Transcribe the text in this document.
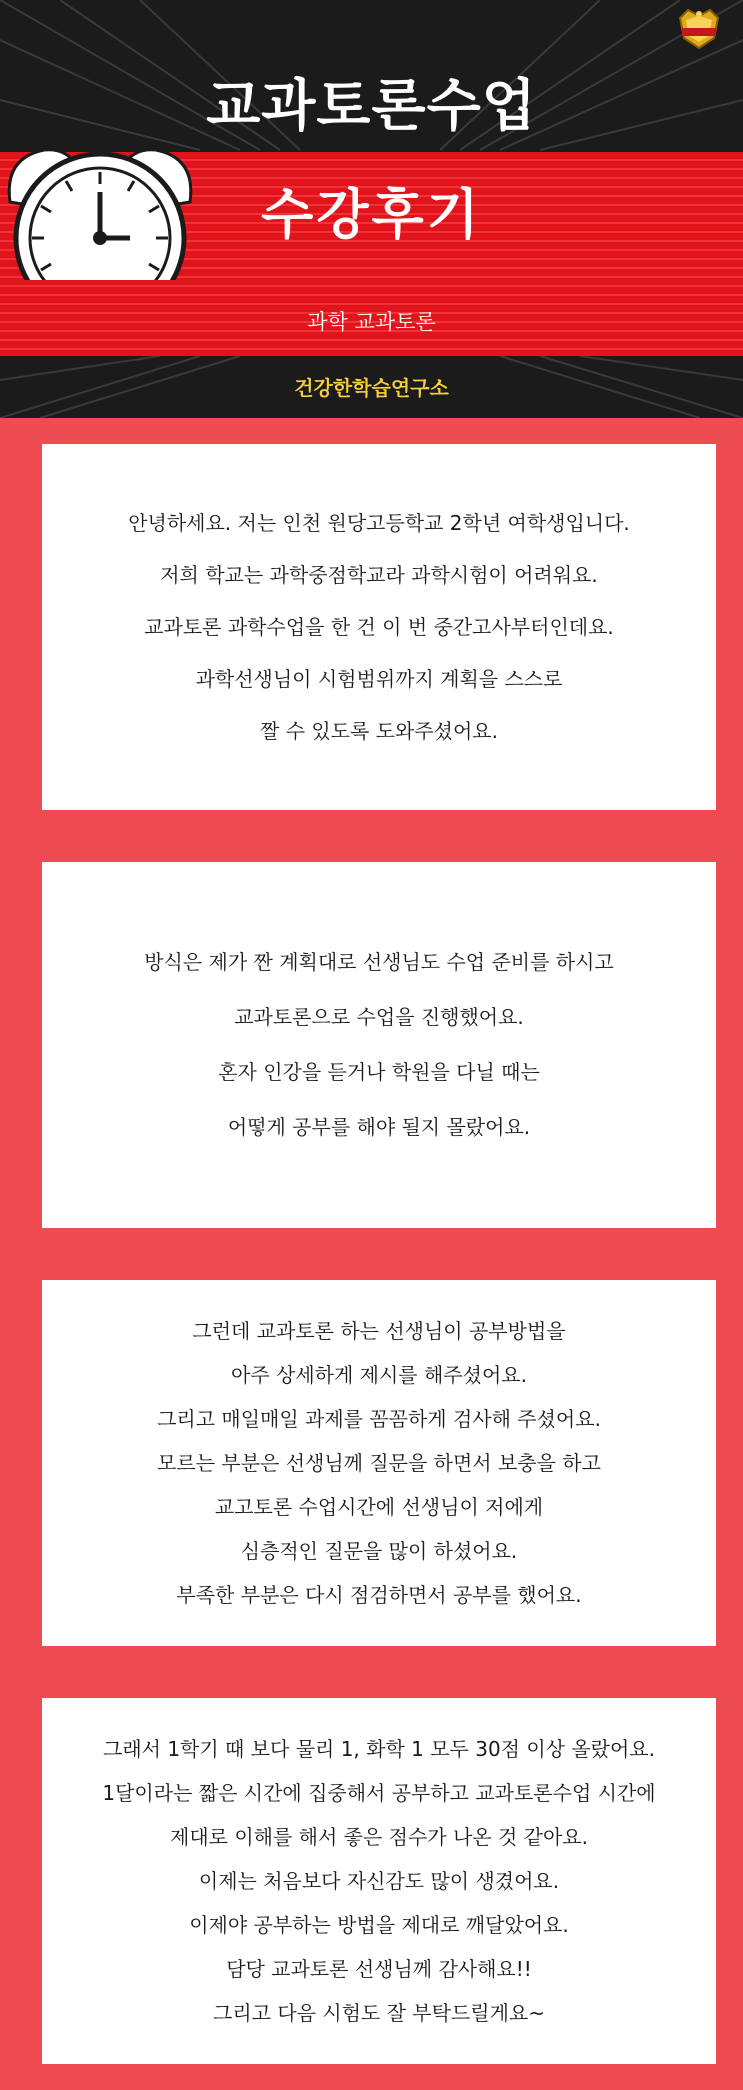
교과토론수업
수강후기
과학 교과토론
건강한학습연구소
안녕하세요. 저는 인천 원당고등학교 2학년 여학생입니다.
저희 학교는 과학중점학교라 과학시험이 어려워요.
교과토론 과학수업을 한 건 이 번 중간고사부터인데요.
과학선생님이 시험범위까지 계획을 스스로
짤 수 있도록 도와주셨어요.
방식은 제가 짠 계획대로 선생님도 수업 준비를 하시고
교과토론으로 수업을 진행했어요.
혼자 인강을 듣거나 학원을 다닐 때는
어떻게 공부를 해야 될지 몰랐어요.
그런데 교과토론 하는 선생님이 공부방법을
아주 상세하게 제시를 해주셨어요.
그리고 매일매일 과제를 꼼꼼하게 검사해 주셨어요.
모르는 부분은 선생님께 질문을 하면서 보충을 하고
교고토론 수업시간에 선생님이 저에게
심층적인 질문을 많이 하셨어요.
부족한 부분은 다시 점검하면서 공부를 했어요.
그래서 1학기 때 보다 물리 1, 화학 1 모두 30점 이상 올랐어요.
1달이라는 짧은 시간에 집중해서 공부하고 교과토론수업 시간에
제대로 이해를 해서 좋은 점수가 나온 것 같아요.
이제는 처음보다 자신감도 많이 생겼어요.
이제야 공부하는 방법을 제대로 깨달았어요.
담당 교과토론 선생님께 감사해요!!
그리고 다음 시험도 잘 부탁드릴게요~
